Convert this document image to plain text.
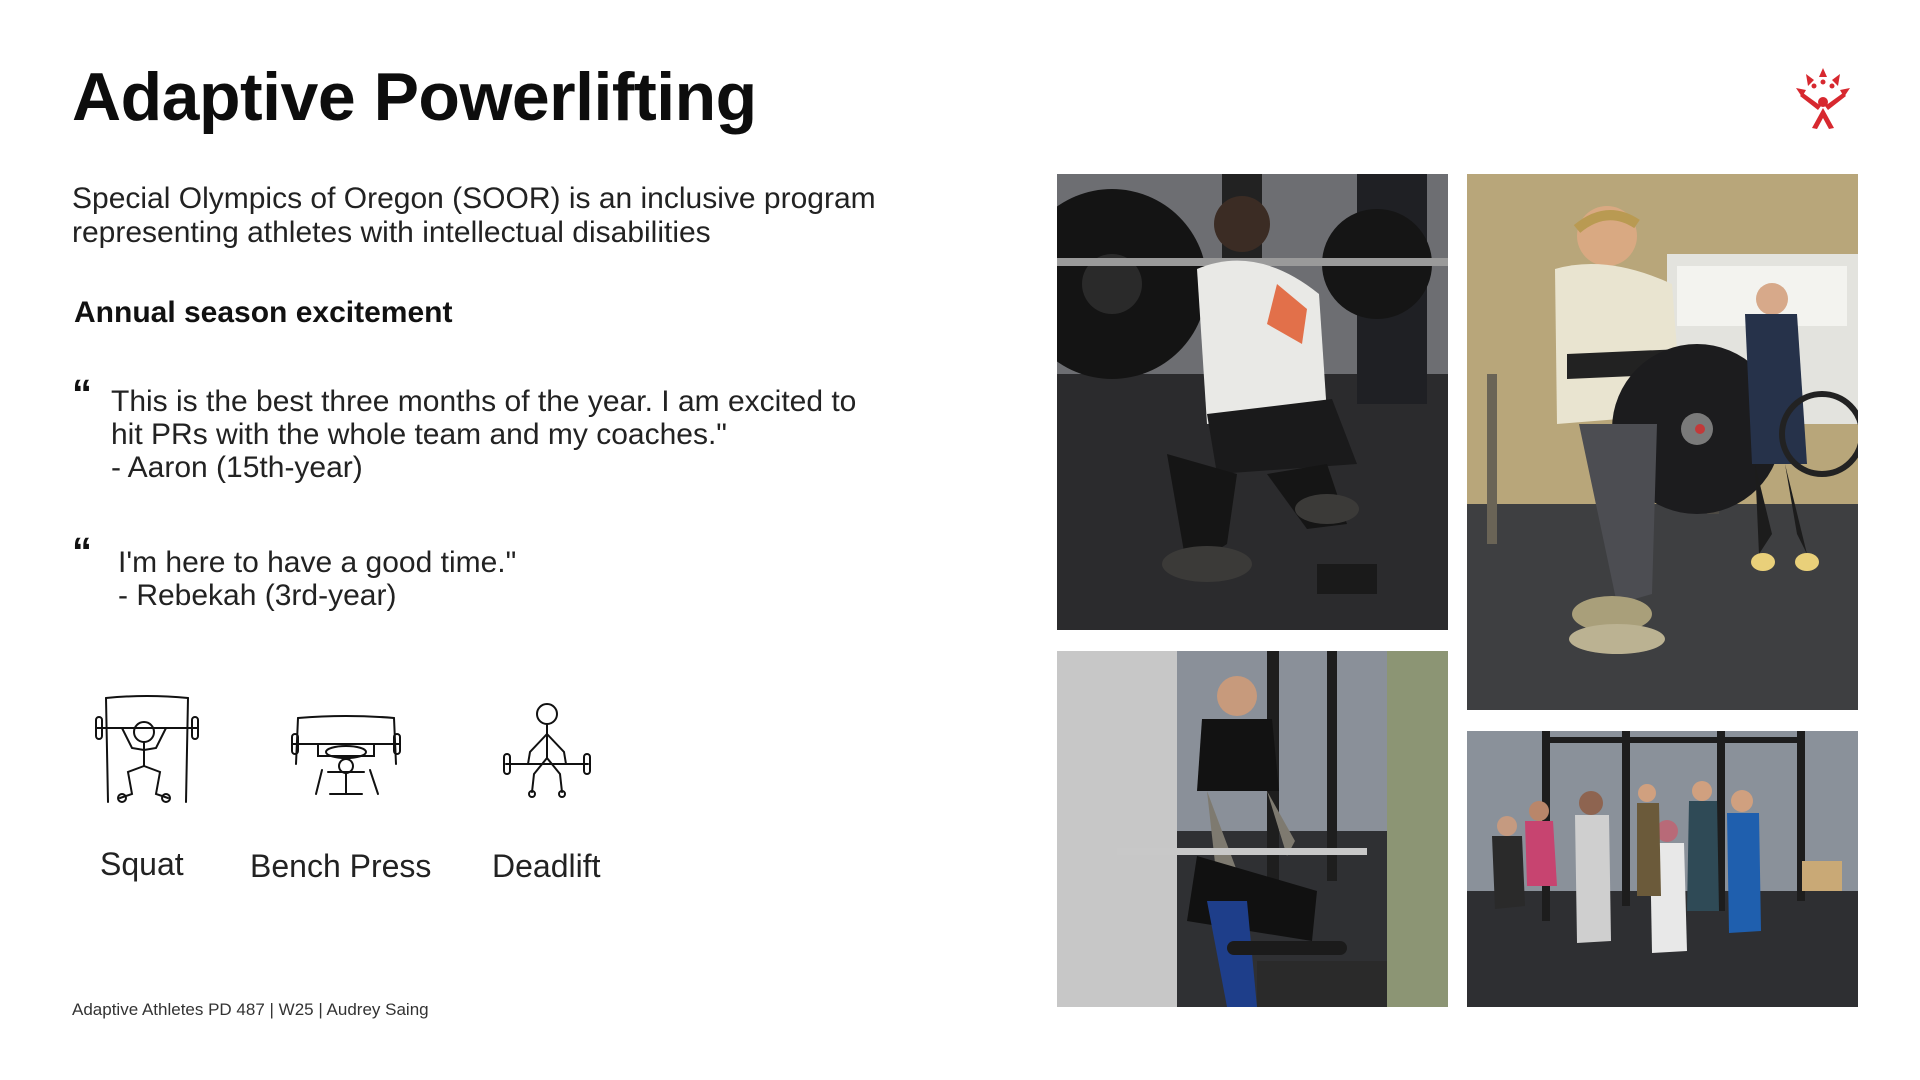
Adaptive Powerlifting
Special Olympics of Oregon (SOOR) is an inclusive program
representing athletes with intellectual disabilities
Annual season excitement
“ This is the best three months of the year. I am excited to
hit PRs with the whole team and my coaches."
- Aaron (15th-year)
“ I'm here to have a good time."
- Rebekah (3rd-year)
Squat Bench Press Deadlift
Adaptive Athletes PD 487 | W25 | Audrey Saing
